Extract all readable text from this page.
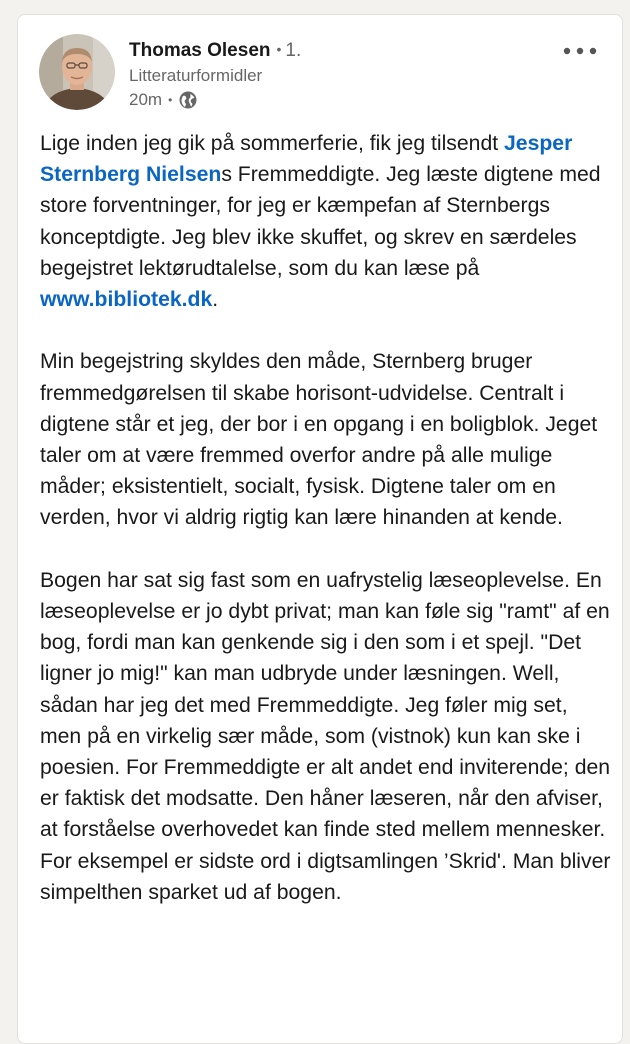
Thomas Olesen • 1.
Litteraturformidler
20m •

Lige inden jeg gik på sommerferie, fik jeg tilsendt Jesper Sternberg Nielsens Fremmeddigte. Jeg læste digtene med store forventninger, for jeg er kæmpefan af Sternbergs konceptdigte. Jeg blev ikke skuffet, og skrev en særdeles begejstret lektørudtalelse, som du kan læse på www.bibliotek.dk.

Min begejstring skyldes den måde, Sternberg bruger fremmedgørelsen til skabe horisont-udvidelse. Centralt i digtene står et jeg, der bor i en opgang i en boligblok. Jeget taler om at være fremmed overfor andre på alle mulige måder; eksistentielt, socialt, fysisk. Digtene taler om en verden, hvor vi aldrig rigtig kan lære hinanden at kende.

Bogen har sat sig fast som en uafrystelig læseoplevelse. En læseoplevelse er jo dybt privat; man kan føle sig "ramt" af en bog, fordi man kan genkende sig i den som i et spejl. "Det ligner jo mig!" kan man udbryde under læsningen. Well, sådan har jeg det med Fremmeddigte. Jeg føler mig set, men på en virkelig sær måde, som (vistnok) kun kan ske i poesien. For Fremmeddigte er alt andet end inviterende; den er faktisk det modsatte. Den håner læseren, når den afviser, at forståelse overhovedet kan finde sted mellem mennesker. For eksempel er sidste ord i digtsamlingen ’Skrid'. Man bliver simpelthen sparket ud af bogen.
